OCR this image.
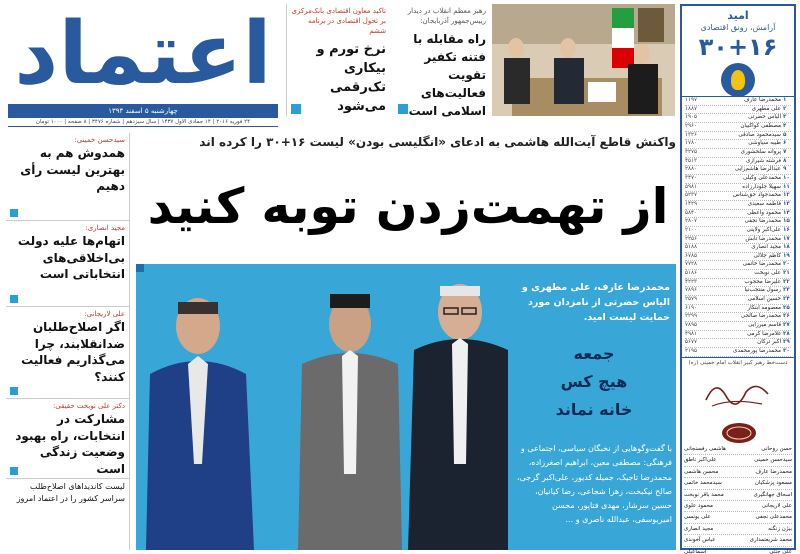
اعتماد
چهارشنبه ۵ اسفند ۱۳۹۴
۲۴ فوریه ۲۰۱۶ | ۱۴ جمادی الاول ۱۴۳۷ | سال سیزدهم | شماره ۳۴۷۶ | ۸ صفحه | ۱۰۰۰ تومان
تاکید معاون‌ اقتصادی بانک‌مرکزی بر تحول اقتصادی در برنامه ششم
نرخ تورم و بیکاری تک‌رقمی می‌شود
رهبر معظم انقلاب در دیدار رییس‌جمهور آذربایجان:
راه مقابله با فتنه تکفیر تقویت فعالیت‌های اسلامی است
واکنش قاطع آیت‌الله هاشمی به ادعای «انگلیسی بودن» لیست ۱۶+۳۰ را کرده اند
از تهمت‌زدن توبه کنید
سیدحسن خمینی:
همدوش هم به بهترین لیست رأی دهیم
مجید انصاری:
اتهام‌ها علیه دولت بی‌اخلاقی‌های انتخاباتی است
علی لاریجانی:
اگر اصلاح‌طلبان ضدانقلابند، چرا می‌گذاریم فعالیت کنند؟
دکتر علی نوبخت حقیقی:
مشارکت در انتخابات، راه بهبود وضعیت زندگی است
لیست کاندیداهای اصلاح‌طلب سراسر کشور را در اعتماد امروز
محمدرضا عارف، علی مطهری و الیاس حضرتی از نامزدان مورد حمایت لیست امید.
جمعه
هیچ کس
خانه نماند
با گفت‌وگوهایی از نخبگان سیاسی، اجتماعی و فرهنگی: مصطفی معین، ابراهیم اصغرزاده، محمدرضا تاجیک، جمیله کدیور، علی‌اکبر گرجی، صالح نیکبخت، زهرا شجاعی، رضا کیانیان، حسین سرشار، مهدی فتاپور، محسن امیریوسفی، عبدالله ناصری و ...
امید
آرامش، رونق اقتصادی
۳۰+۱۶
۱
محمدرضا عارف
۱۱۹۷
۲
علی مطهری
۱۸۸۷
۳
الیاس حضرتی
۱۹۰۵
۴
مصطفی کواکبیان
۲۹۶۰
۵
سیدمحمود صادقی
۱۳۲۶
۶
طیبه سیاوشی
۱۷۸۰
۷
پروانه سلحشوری
۳۲۷۵
۸
فرشته شیرازی
۴۵۱۳
۹
عبدالرضا هاشم‌زایی
۲۸۸۰
۱۰
محمدعلی وکیلی
۳۴۷۰
۱۱
سهیلا جلودارزاده
۵۹۸۱
۱۲
محمدجواد حق‌شناس
۵۲۳۷
۱۳
فاطمه سعیدی
۱۴۲۹
۱۴
محمود واعظی
۵۸۴۰
۱۵
محمدرضا نجفی
۲۸۰۷
۱۶
علی‌اکبر ولایتی
۲۱۰۰
۱۷
محمدرضا تابش
۲۲۵۶
۱۸
مجید انصاری
۵۱۸۸
۱۹
کاظم جلالی
۶۷۸۵
۲۰
محمدرضا خاتمی
۷۷۲۸
۲۱
علی نوبخت
۵۱۸۶
۲۲
علیرضا محجوب
۴۲۲۳
۲۳
رسول منتجب‌نیا
۷۸۹۶
۲۴
حسین اسلامی
۲۵۷۹
۲۵
معصومه ابتکار
۶۱۹۰
۲۶
محمدرضا صالحی
۲۲۹۹
۲۷
قاسم میرزایی
۷۸۹۵
۲۸
غلامرضا کرمی
۴۹۸۱
۲۹
اکبر ترکان
۵۶۷۷
۳۰
محمدرضا پورمحمدی
۲۱۹۵
دست‌خط رهبر کبیر انقلاب امام خمینی (ره)
حسن روحانی
هاشمی رفسنجانی
سیدحسن خمینی
علی‌اکبر ناطق
محمدرضا عارف
محسن هاشمی
مسعود پزشکیان
سیدمحمد خاتمی
اسحاق جهانگیری
محمد باقر نوبخت
علی لاریجانی
محمود علوی
محمدعلی نجفی
علی یونسی
بیژن زنگنه
مجید انصاری
محمد شریعتمداری
عباس آخوندی
علی جنتی
اسماعیلی
